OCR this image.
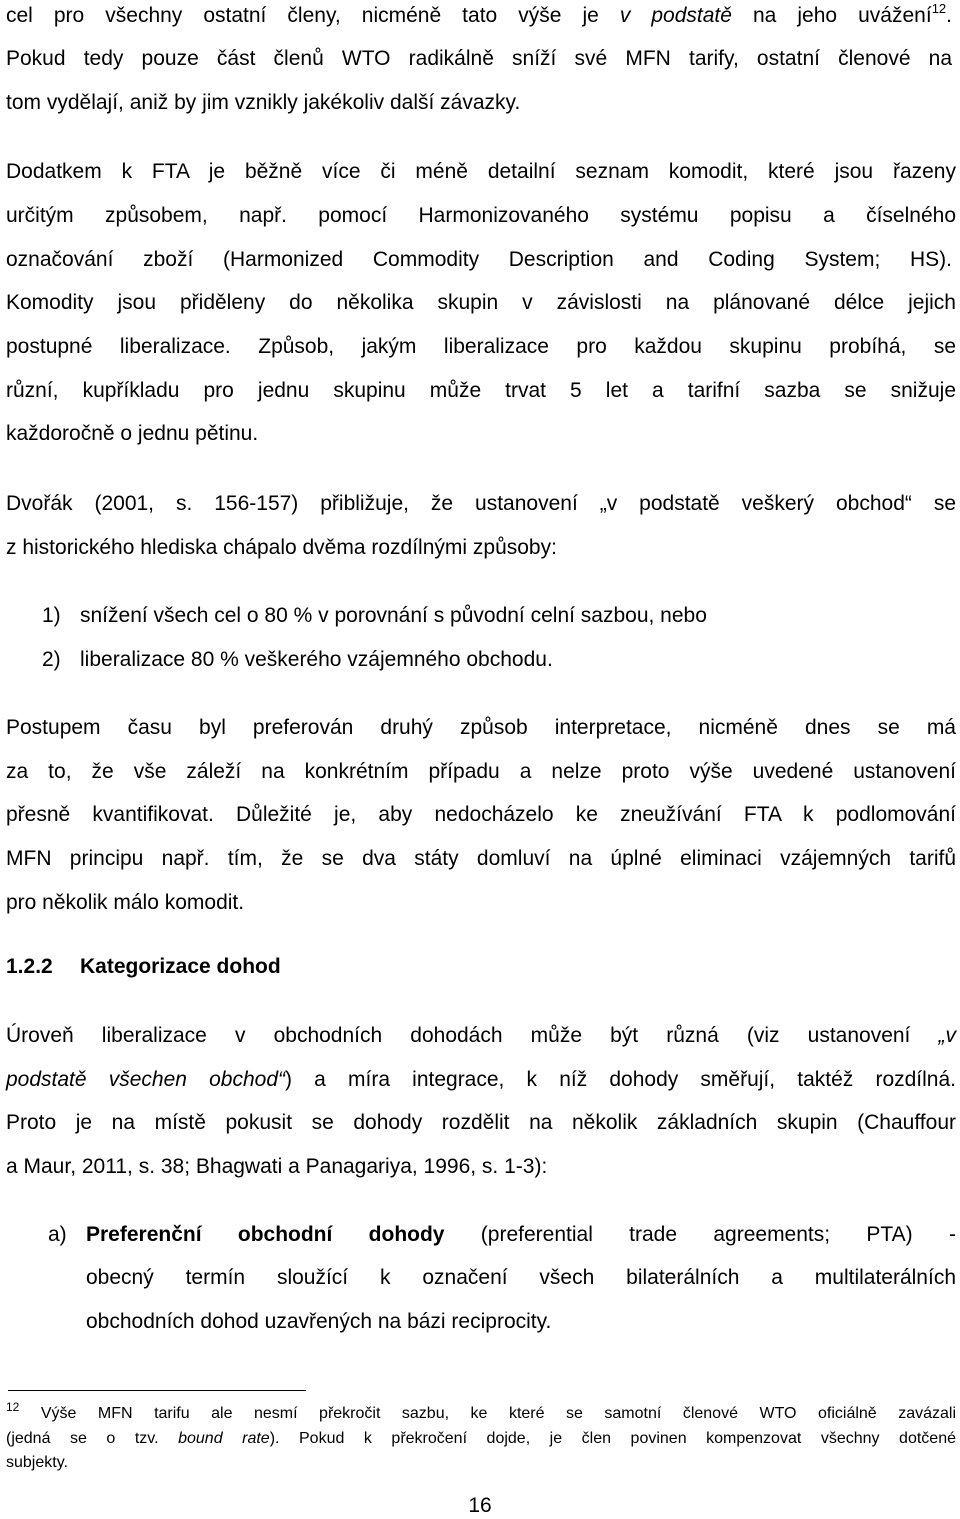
cel pro všechny ostatní členy, nicméně tato výše je v podstatě na jeho uvážení$^{12}$.
Pokud tedy pouze část členů WTO radikálně sníží své MFN tarify, ostatní členové na
tom vydělají, aniž by jim vznikly jakékoliv další závazky.
Dodatkem k FTA je běžně více či méně detailní seznam komodit, které jsou řazeny
určitým způsobem, např. pomocí Harmonizovaného systému popisu a číselného
označování zboží (Harmonized Commodity Description and Coding System; HS).
Komodity jsou přiděleny do několika skupin v závislosti na plánované délce jejich
postupné liberalizace. Způsob, jakým liberalizace pro každou skupinu probíhá, se
různí, kupříkladu pro jednu skupinu může trvat 5 let a tarifní sazba se snižuje
každoročně o jednu pětinu.
Dvořák (2001, s. 156-157) přibližuje, že ustanovení „v podstatě veškerý obchod“ se
z historického hlediska chápalo dvěma rozdílnými způsoby:
1) snížení všech cel o 80 % v porovnání s původní celní sazbou, nebo
2) liberalizace 80 % veškerého vzájemného obchodu.
Postupem času byl preferován druhý způsob interpretace, nicméně dnes se má
za to, že vše záleží na konkrétním případu a nelze proto výše uvedené ustanovení
přesně kvantifikovat. Důležité je, aby nedocházelo ke zneužívání FTA k podlomování
MFN principu např. tím, že se dva státy domluví na úplné eliminaci vzájemných tarifů
pro několik málo komodit.
1.2.2 Kategorizace dohod
Úroveň liberalizace v obchodních dohodách může být různá (viz ustanovení „v
podstatě všechen obchod“) a míra integrace, k níž dohody směřují, taktéž rozdílná.
Proto je na místě pokusit se dohody rozdělit na několik základních skupin (Chauffour
a Maur, 2011, s. 38; Bhagwati a Panagariya, 1996, s. 1-3):
a) Preferenční obchodní dohody (preferential trade agreements; PTA) -
obecný termín sloužící k označení všech bilaterálních a multilaterálních
obchodních dohod uzavřených na bázi reciprocity.
$^{12}$ Výše MFN tarifu ale nesmí překročit sazbu, ke které se samotní členové WTO oficiálně zavázali
(jedná se o tzv. bound rate). Pokud k překročení dojde, je člen povinen kompenzovat všechny dotčené
subjekty.
16
